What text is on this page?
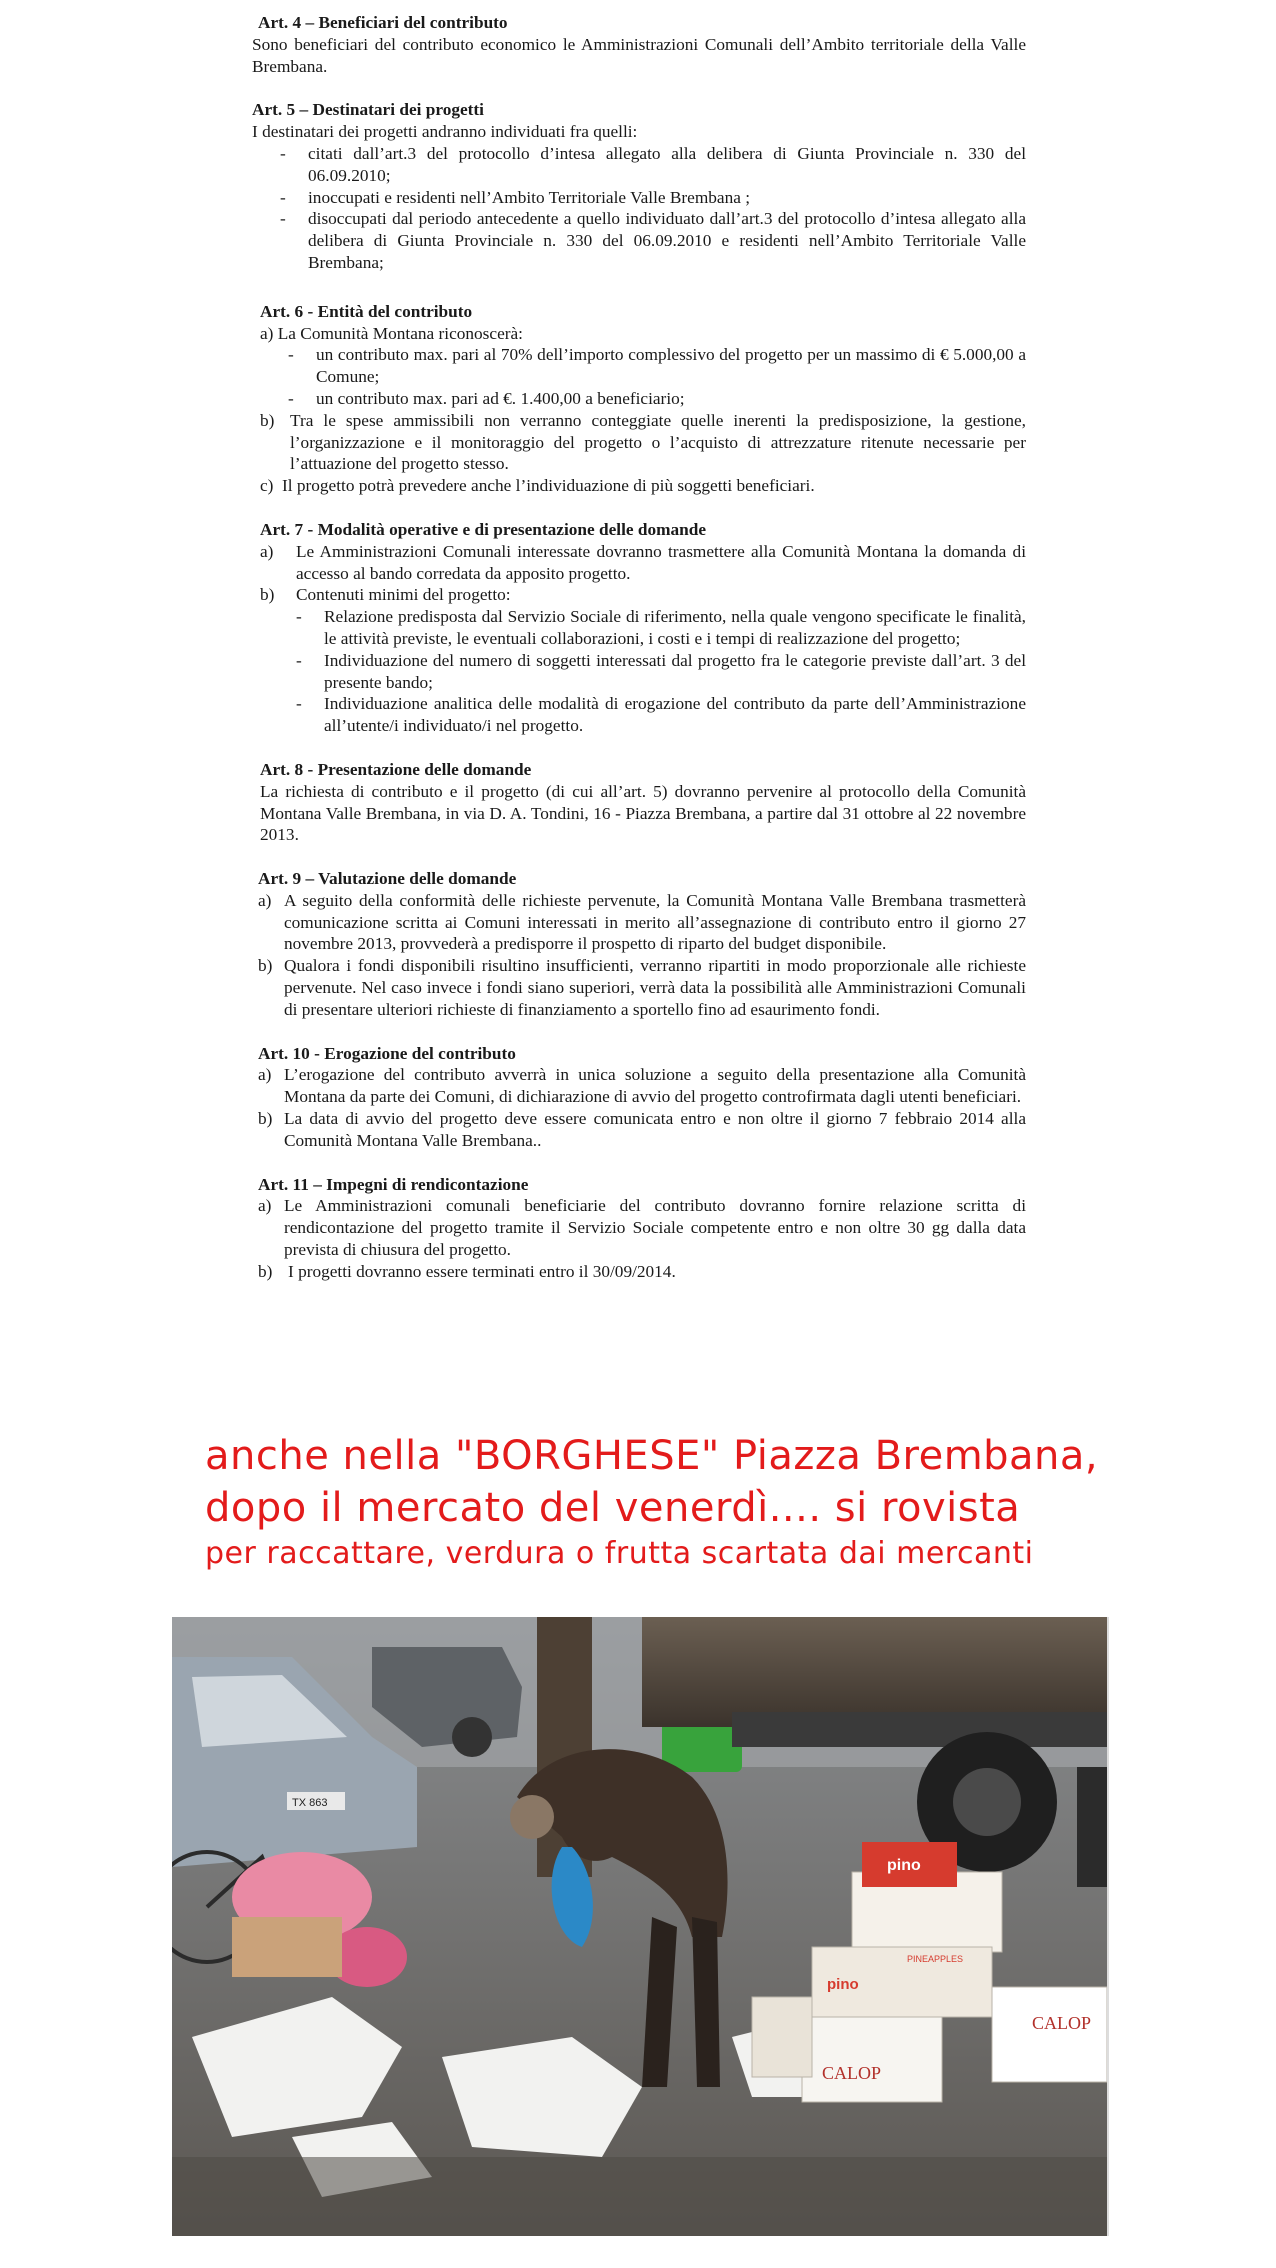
Art. 4 – Beneficiari del contributo
Sono beneficiari del contributo economico le Amministrazioni Comunali dell’Ambito territoriale della Valle Brembana.
Art. 5 – Destinatari dei progetti
I destinatari dei progetti andranno individuati fra quelli:
- citati dall’art.3 del protocollo d’intesa allegato alla delibera di Giunta Provinciale n. 330 del 06.09.2010;
- inoccupati e residenti nell’Ambito Territoriale Valle Brembana ;
- disoccupati dal periodo antecedente a quello individuato dall’art.3 del protocollo d’intesa allegato alla delibera di Giunta Provinciale n. 330 del 06.09.2010 e residenti nell’Ambito Territoriale Valle Brembana;
Art. 6 - Entità del contributo
a) La Comunità Montana riconoscerà:
- un contributo max. pari al 70% dell’importo complessivo del progetto per un massimo di € 5.000,00 a Comune;
- un contributo max. pari ad €. 1.400,00 a beneficiario;
b) Tra le spese ammissibili non verranno conteggiate quelle inerenti la predisposizione, la gestione, l’organizzazione e il monitoraggio del progetto o l’acquisto di attrezzature ritenute necessarie per l’attuazione del progetto stesso.
c) Il progetto potrà prevedere anche l’individuazione di più soggetti beneficiari.
Art. 7 - Modalità operative e di presentazione delle domande
a) Le Amministrazioni Comunali interessate dovranno trasmettere alla Comunità Montana la domanda di accesso al bando corredata da apposito progetto.
b) Contenuti minimi del progetto:
- Relazione predisposta dal Servizio Sociale di riferimento, nella quale vengono specificate le finalità, le attività previste, le eventuali collaborazioni, i costi e i tempi di realizzazione del progetto;
- Individuazione del numero di soggetti interessati dal progetto fra le categorie previste dall’art. 3 del presente bando;
- Individuazione analitica delle modalità di erogazione del contributo da parte dell’Amministrazione all’utente/i individuato/i nel progetto.
Art. 8 - Presentazione delle domande
La richiesta di contributo e il progetto (di cui all’art. 5) dovranno pervenire al protocollo della Comunità Montana Valle Brembana, in via D. A. Tondini, 16 - Piazza Brembana, a partire dal 31 ottobre al 22 novembre 2013.
Art. 9 – Valutazione delle domande
a) A seguito della conformità delle richieste pervenute, la Comunità Montana Valle Brembana trasmetterà comunicazione scritta ai Comuni interessati in merito all’assegnazione di contributo entro il giorno 27 novembre 2013, provvederà a predisporre il prospetto di riparto del budget disponibile.
b) Qualora i fondi disponibili risultino insufficienti, verranno ripartiti in modo proporzionale alle richieste pervenute. Nel caso invece i fondi siano superiori, verrà data la possibilità alle Amministrazioni Comunali di presentare ulteriori richieste di finanziamento a sportello fino ad esaurimento fondi.
Art. 10 - Erogazione del contributo
a) L’erogazione del contributo avverrà in unica soluzione a seguito della presentazione alla Comunità Montana da parte dei Comuni, di dichiarazione di avvio del progetto controfirmata dagli utenti beneficiari.
b) La data di avvio del progetto deve essere comunicata entro e non oltre il giorno 7 febbraio 2014 alla Comunità Montana Valle Brembana..
Art. 11 – Impegni di rendicontazione
a) Le Amministrazioni comunali beneficiarie del contributo dovranno fornire relazione scritta di rendicontazione del progetto tramite il Servizio Sociale competente entro e non oltre 30 gg dalla data prevista di chiusura del progetto.
b) I progetti dovranno essere terminati entro il 30/09/2014.
anche nella "BORGHESE" Piazza Brembana,
dopo il mercato del venerdì.... si rovista
per raccattare, verdura o frutta scartata dai mercanti
TX 863
pino
pino
PINEAPPLES
CALOP
CALOP
